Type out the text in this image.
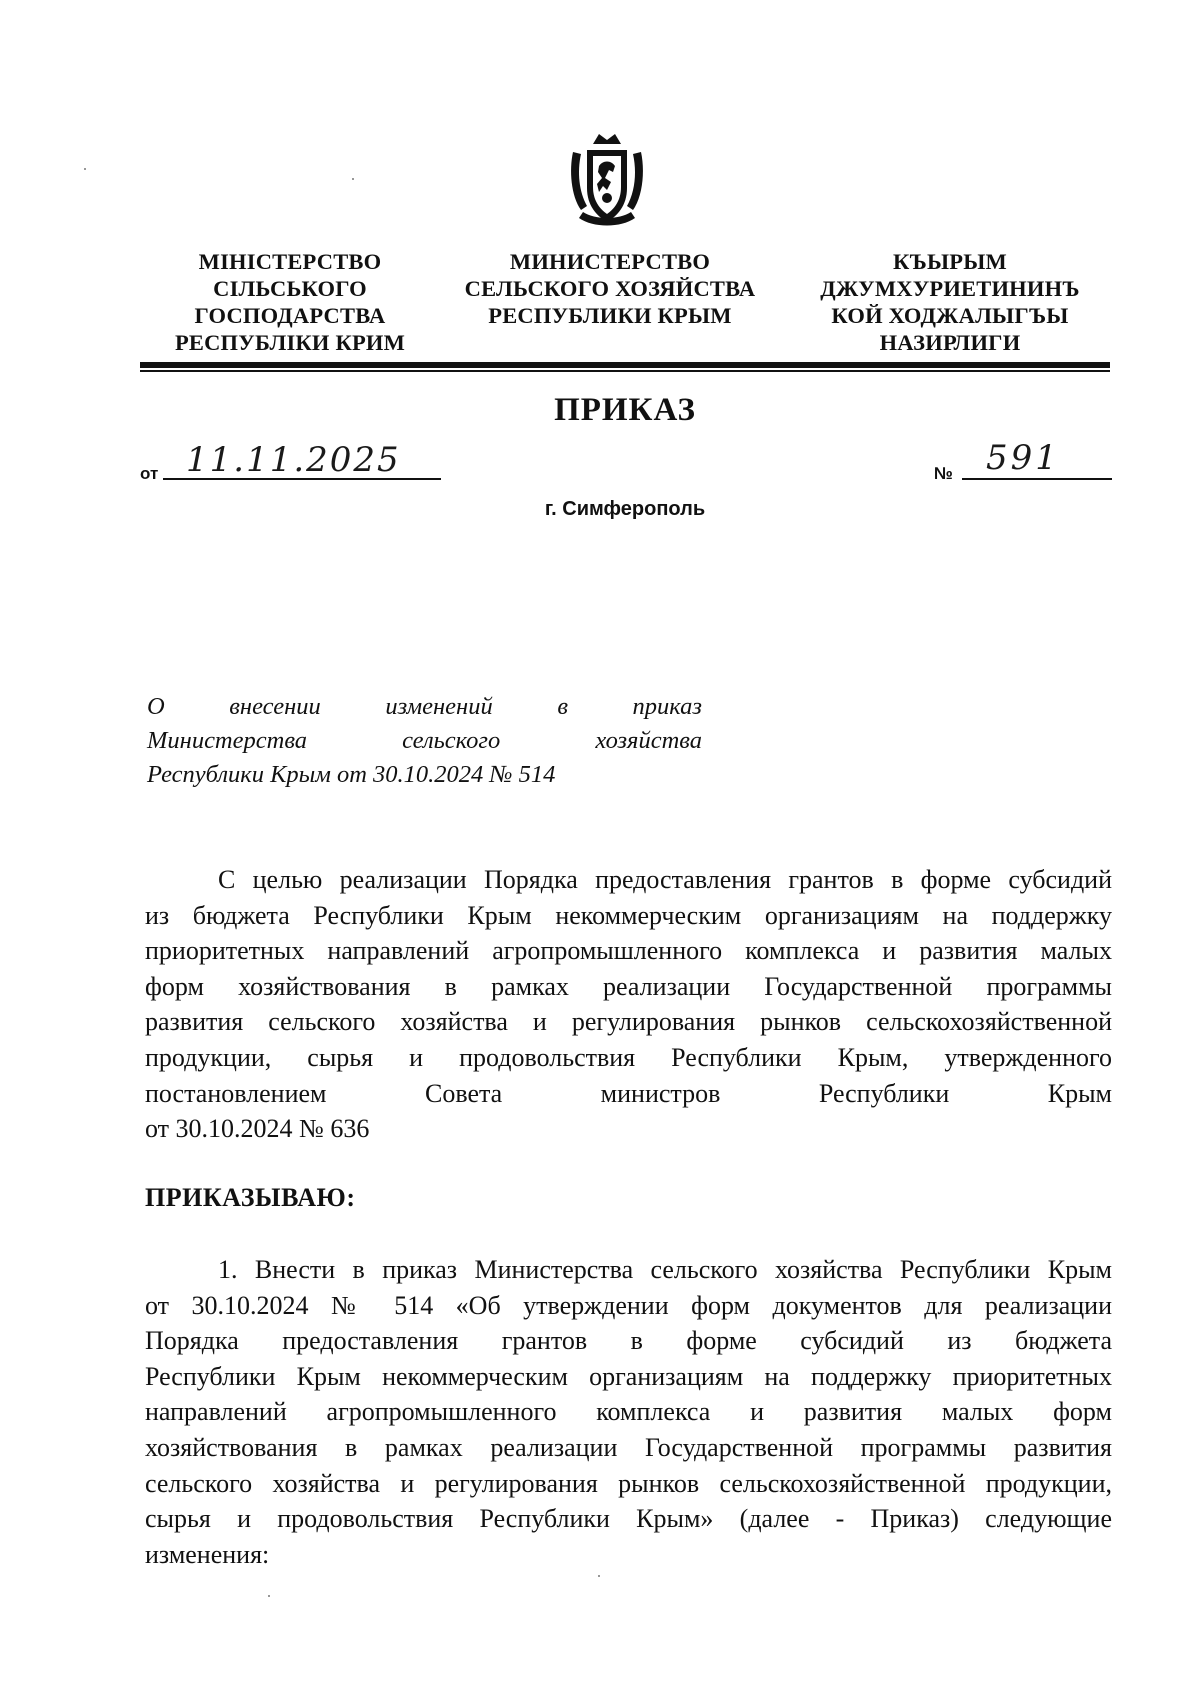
МІНІСТЕРСТВО
СІЛЬСЬКОГО
ГОСПОДАРСТВА
РЕСПУБЛІКИ КРИМ
МИНИСТЕРСТВО
СЕЛЬСКОГО ХОЗЯЙСТВА
РЕСПУБЛИКИ КРЫМ
КЪЫРЫМ
ДЖУМХУРИЕТИНИНЪ
КОЙ ХОДЖАЛЫГЪЫ
НАЗИРЛИГИ
ПРИКАЗ
от 11.11.2025	№ 591
г. Симферополь
О	внесении	изменений	в	приказ
Министерства	сельского	хозяйства
Республики Крым от 30.10.2024 № 514
С целью реализации Порядка предоставления грантов в форме субсидий
из бюджета Республики Крым некоммерческим организациям на поддержку
приоритетных направлений агропромышленного комплекса и развития малых
форм хозяйствования в рамках реализации Государственной программы
развития сельского хозяйства и регулирования рынков сельскохозяйственной
продукции, сырья и продовольствия Республики Крым, утвержденного
постановлением Совета министров Республики Крым
от 30.10.2024 № 636
ПРИКАЗЫВАЮ:
1. Внести в приказ Министерства сельского хозяйства Республики Крым
от 30.10.2024 № 514 «Об утверждении форм документов для реализации
Порядка предоставления грантов в форме субсидий из бюджета
Республики Крым некоммерческим организациям на поддержку приоритетных
направлений агропромышленного комплекса и развития малых форм
хозяйствования в рамках реализации Государственной программы развития
сельского хозяйства и регулирования рынков сельскохозяйственной продукции,
сырья и продовольствия Республики Крым» (далее - Приказ) следующие
изменения:
